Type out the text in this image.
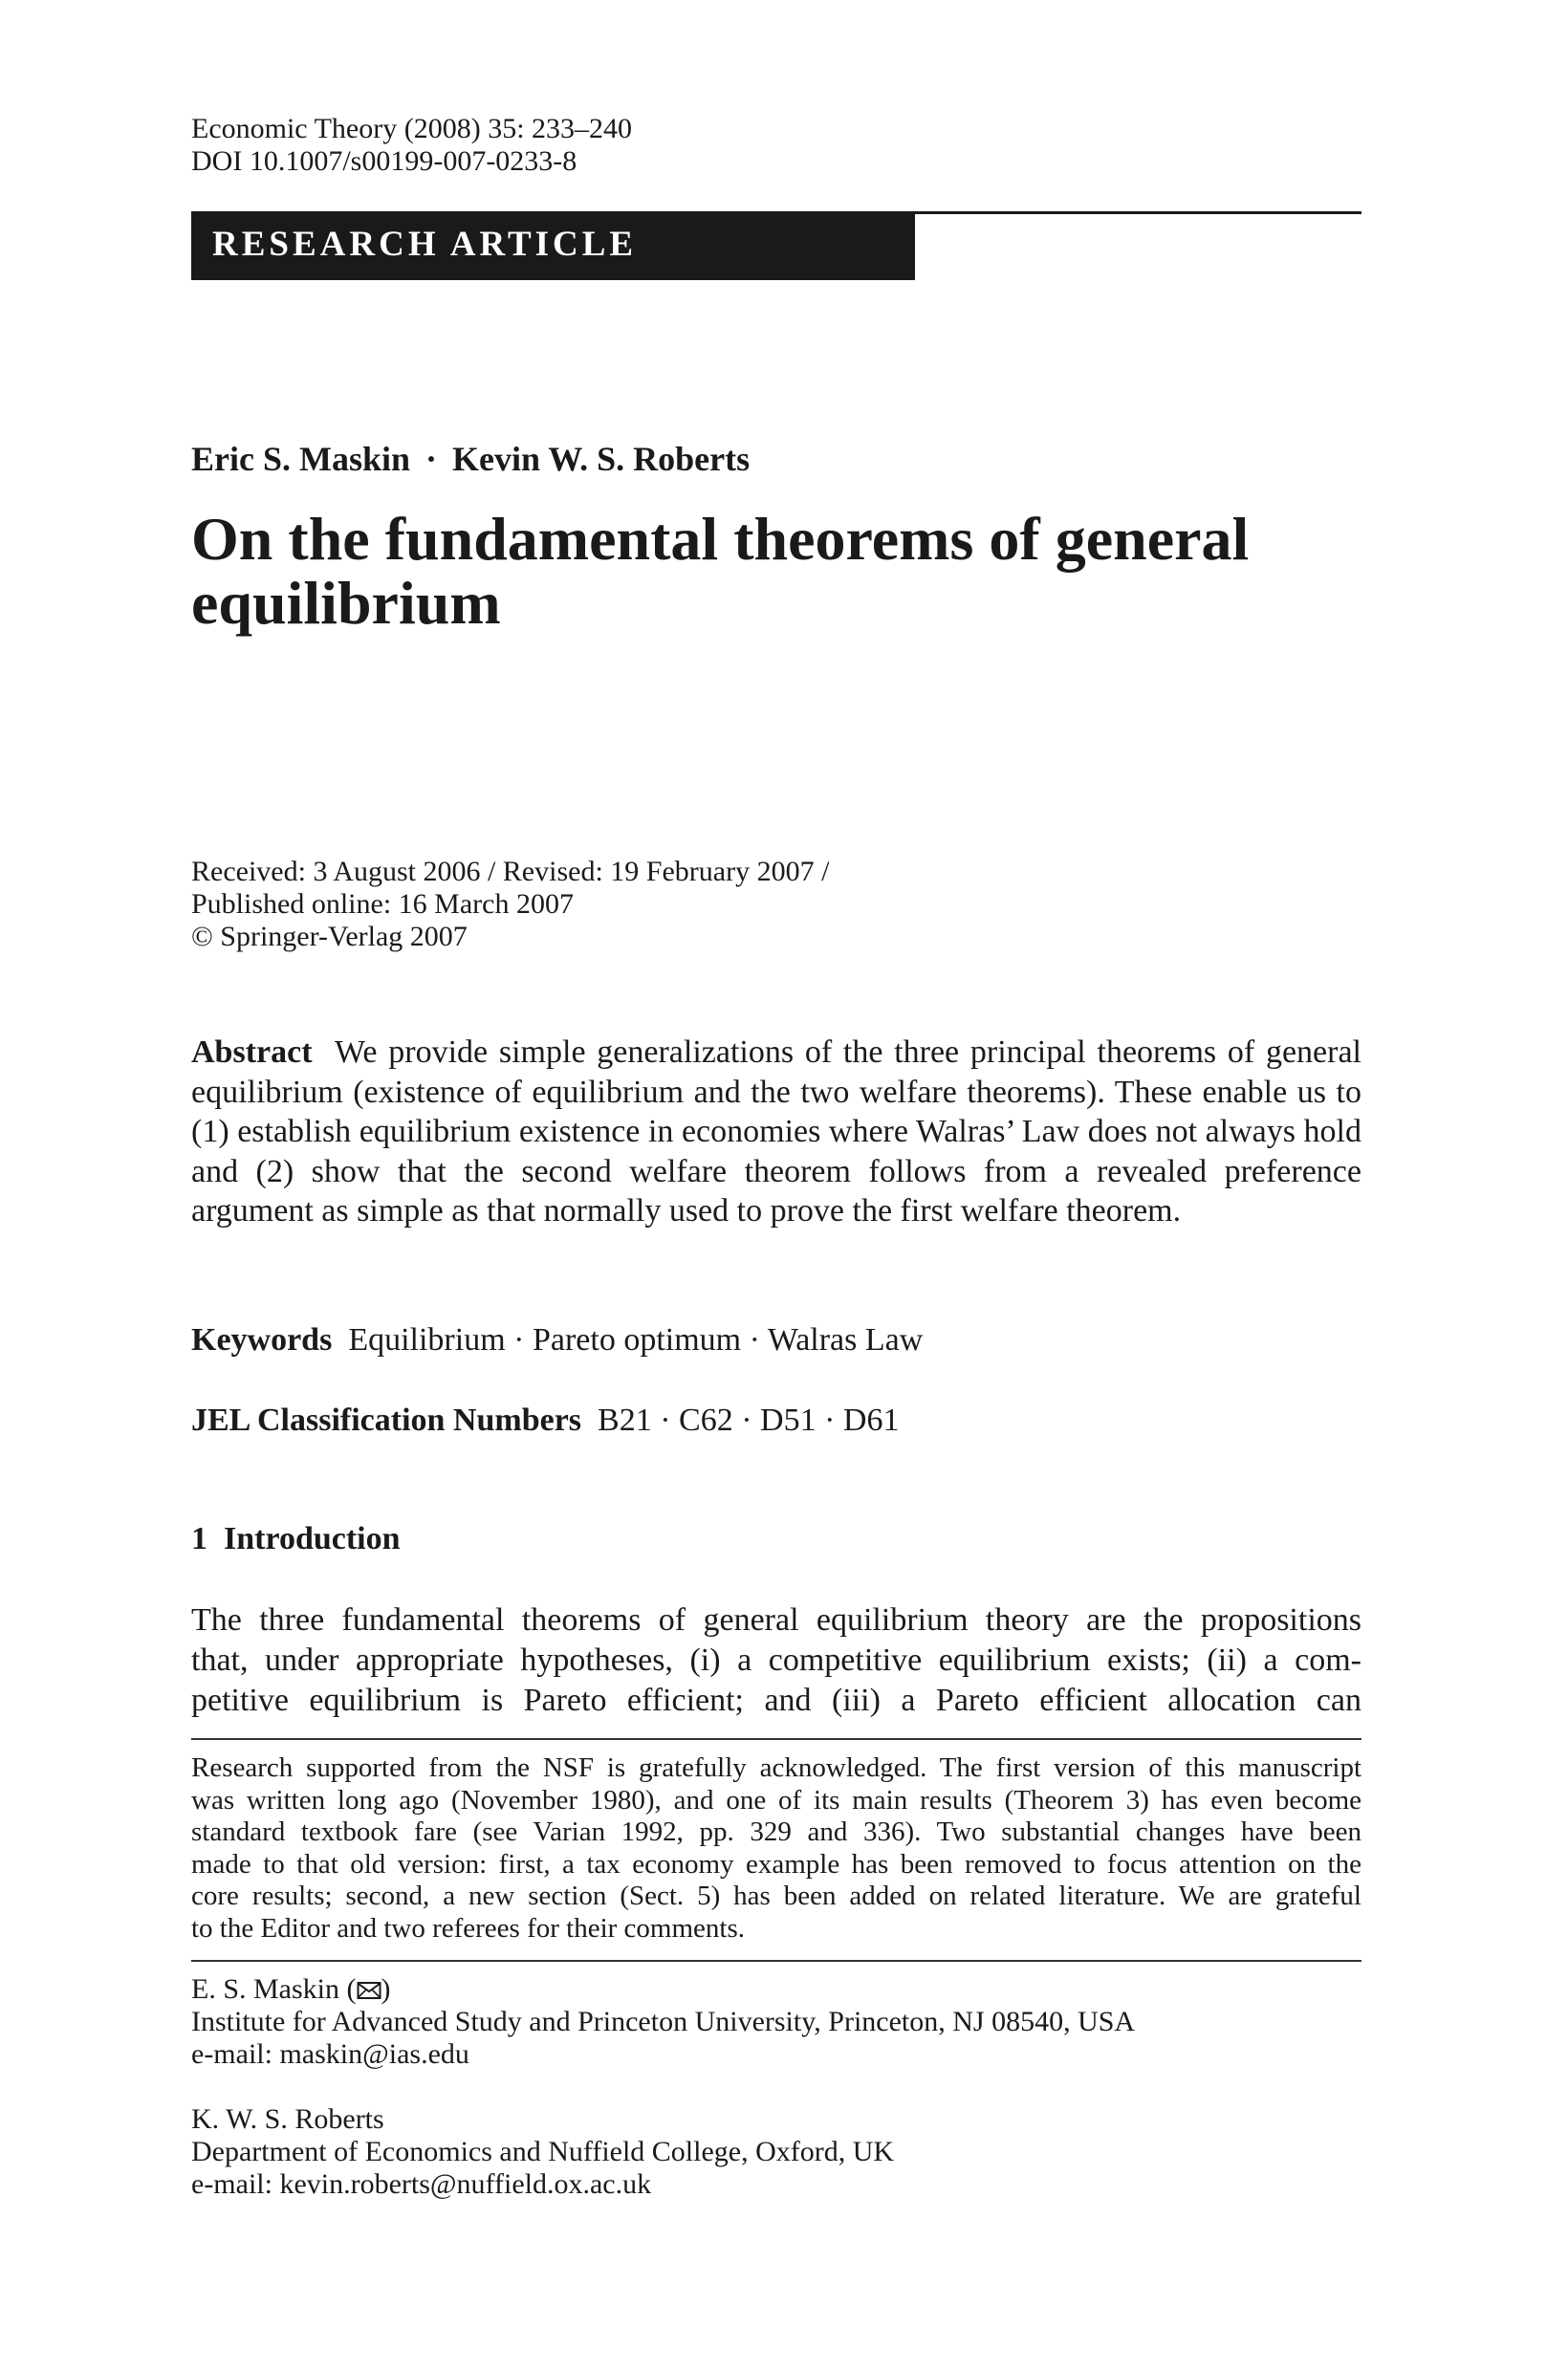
Economic Theory (2008) 35: 233–240
DOI 10.1007/s00199-007-0233-8
RESEARCH ARTICLE
Eric S. Maskin · Kevin W. S. Roberts
On the fundamental theorems of general
equilibrium
Received: 3 August 2006 / Revised: 19 February 2007 /
Published online: 16 March 2007
© Springer-Verlag 2007
Abstract We provide simple generalizations of the three principal theorems of general equilibrium (existence of equilibrium and the two welfare theorems). These enable us to (1) establish equilibrium existence in economies where Walras’ Law does not always hold and (2) show that the second welfare theorem follows from a revealed preference argument as simple as that normally used to prove the first welfare theorem.
Keywords Equilibrium · Pareto optimum · Walras Law
JEL Classification Numbers B21 · C62 · D51 · D61
1 Introduction
The three fundamental theorems of general equilibrium theory are the propositions
that, under appropriate hypotheses, (i) a competitive equilibrium exists; (ii) a com-
petitive equilibrium is Pareto efficient; and (iii) a Pareto efficient allocation can
Research supported from the NSF is gratefully acknowledged. The first version of this manuscript
was written long ago (November 1980), and one of its main results (Theorem 3) has even become
standard textbook fare (see Varian 1992, pp. 329 and 336). Two substantial changes have been
made to that old version: first, a tax economy example has been removed to focus attention on the
core results; second, a new section (Sect. 5) has been added on related literature. We are grateful
to the Editor and two referees for their comments.
E. S. Maskin ( )
Institute for Advanced Study and Princeton University, Princeton, NJ 08540, USA
e-mail: maskin@ias.edu
K. W. S. Roberts
Department of Economics and Nuffield College, Oxford, UK
e-mail: kevin.roberts@nuffield.ox.ac.uk
